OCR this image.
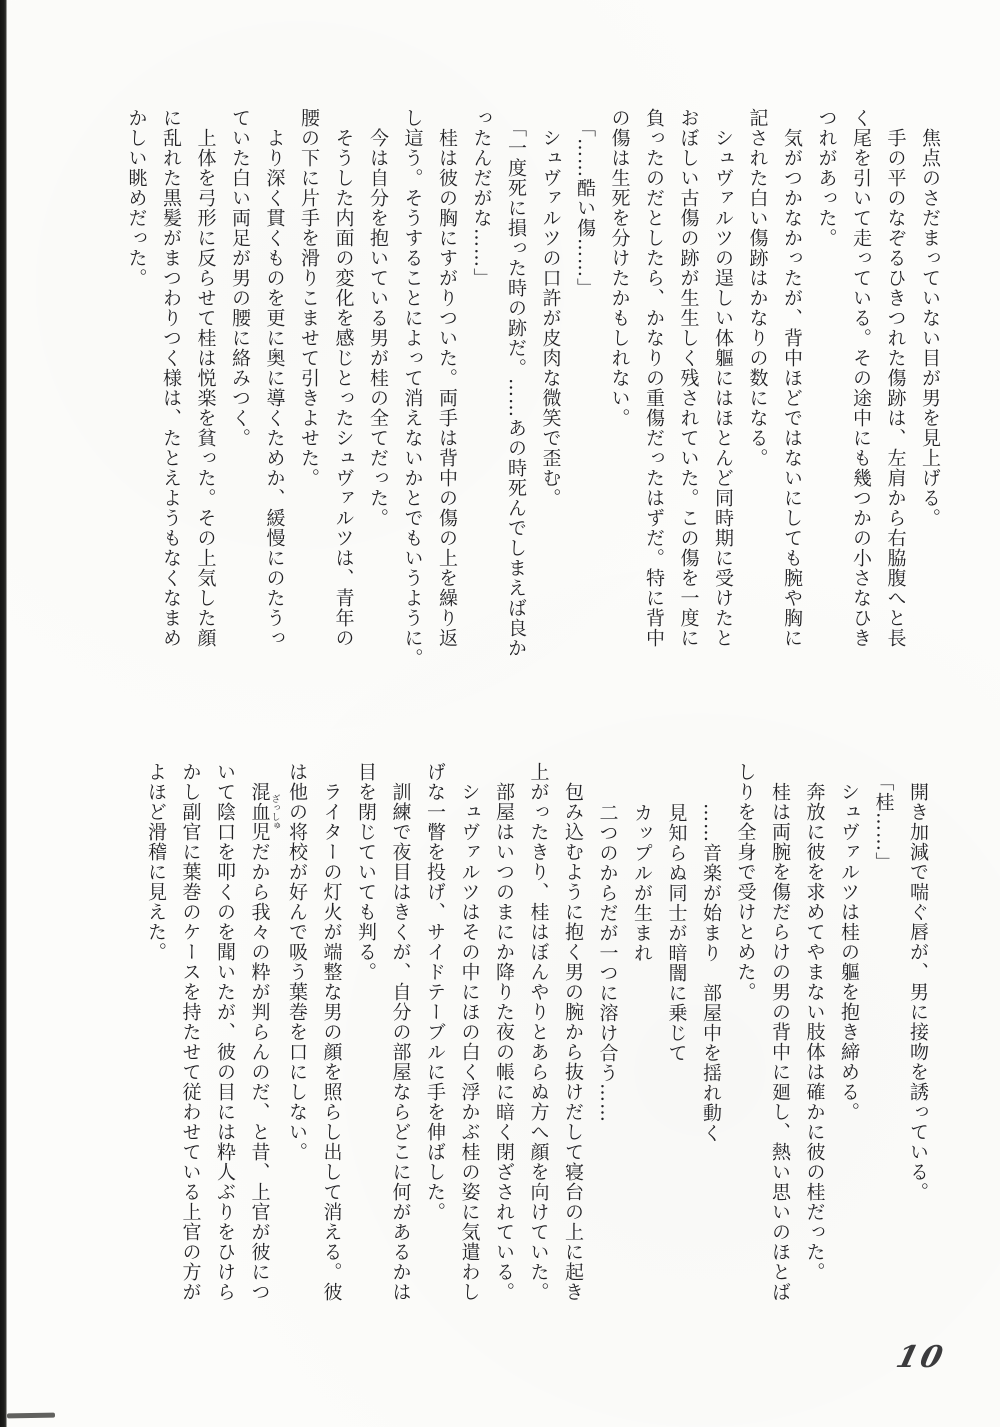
焦点のさだまっていない目が男を見上げる。

手の平のなぞるひきつれた傷跡は、左肩から右脇腹へと長

く尾を引いて走っている。その途中にも幾つかの小さなひき

つれがあった。

気がつかなかったが、背中ほどではないにしても腕や胸に

記された白い傷跡はかなりの数になる。

シュヴァルツの逞しい体軀にはほとんど同時期に受けたと

おぼしい古傷の跡が生生しく残されていた。この傷を一度に

負ったのだとしたら、かなりの重傷だったはずだ。特に背中

の傷は生死を分けたかもしれない。

「……酷い傷……」

シュヴァルツの口許が皮肉な微笑で歪む。

「一度死に損った時の跡だ。……あの時死んでしまえば良か

ったんだがな……」

桂は彼の胸にすがりついた。両手は背中の傷の上を繰り返

し這う。そうすることによって消えないかとでもいうように。

今は自分を抱いている男が桂の全てだった。

そうした内面の変化を感じとったシュヴァルツは、青年の

腰の下に片手を滑りこませて引きよせた。

より深く貫くものを更に奥に導くためか、緩慢にのたうっ

ていた白い両足が男の腰に絡みつく。

上体を弓形に反らせて桂は悦楽を貧った。その上気した顔

に乱れた黒髪がまつわりつく様は、たとえようもなくなまめ

かしい眺めだった。

開き加減で喘ぐ唇が、男に接吻を誘っている。

「桂……」

シュヴァルツは桂の軀を抱き締める。

奔放に彼を求めてやまない肢体は確かに彼の桂だった。

桂は両腕を傷だらけの男の背中に廻し、熱い思いのほとば

しりを全身で受けとめた。

……音楽が始まり　部屋中を揺れ動く

見知らぬ同士が暗闇に乗じて

カップルが生まれ

二つのからだが一つに溶け合う……

包み込むように抱く男の腕から抜けだして寝台の上に起き

上がったきり、桂はぼんやりとあらぬ方へ顔を向けていた。

部屋はいつのまにか降りた夜の帳に暗く閉ざされている。

シュヴァルツはその中にほの白く浮かぶ桂の姿に気遣わし

げな一瞥を投げ、サイドテーブルに手を伸ばした。

訓練で夜目はきくが、自分の部屋ならどこに何があるかは

目を閉じていても判る。

ライターの灯火が端整な男の顔を照らし出して消える。彼

は他の将校が好んで吸う葉巻を口にしない。

混血児 ざっしゅだから我々の粋が判らんのだ、と昔、上官が彼につ

いて陰口を叩くのを聞いたが、彼の目には粋人ぶりをひけら

かし副官に葉巻のケースを持たせて従わせている上官の方が

よほど滑稽に見えた。

10
